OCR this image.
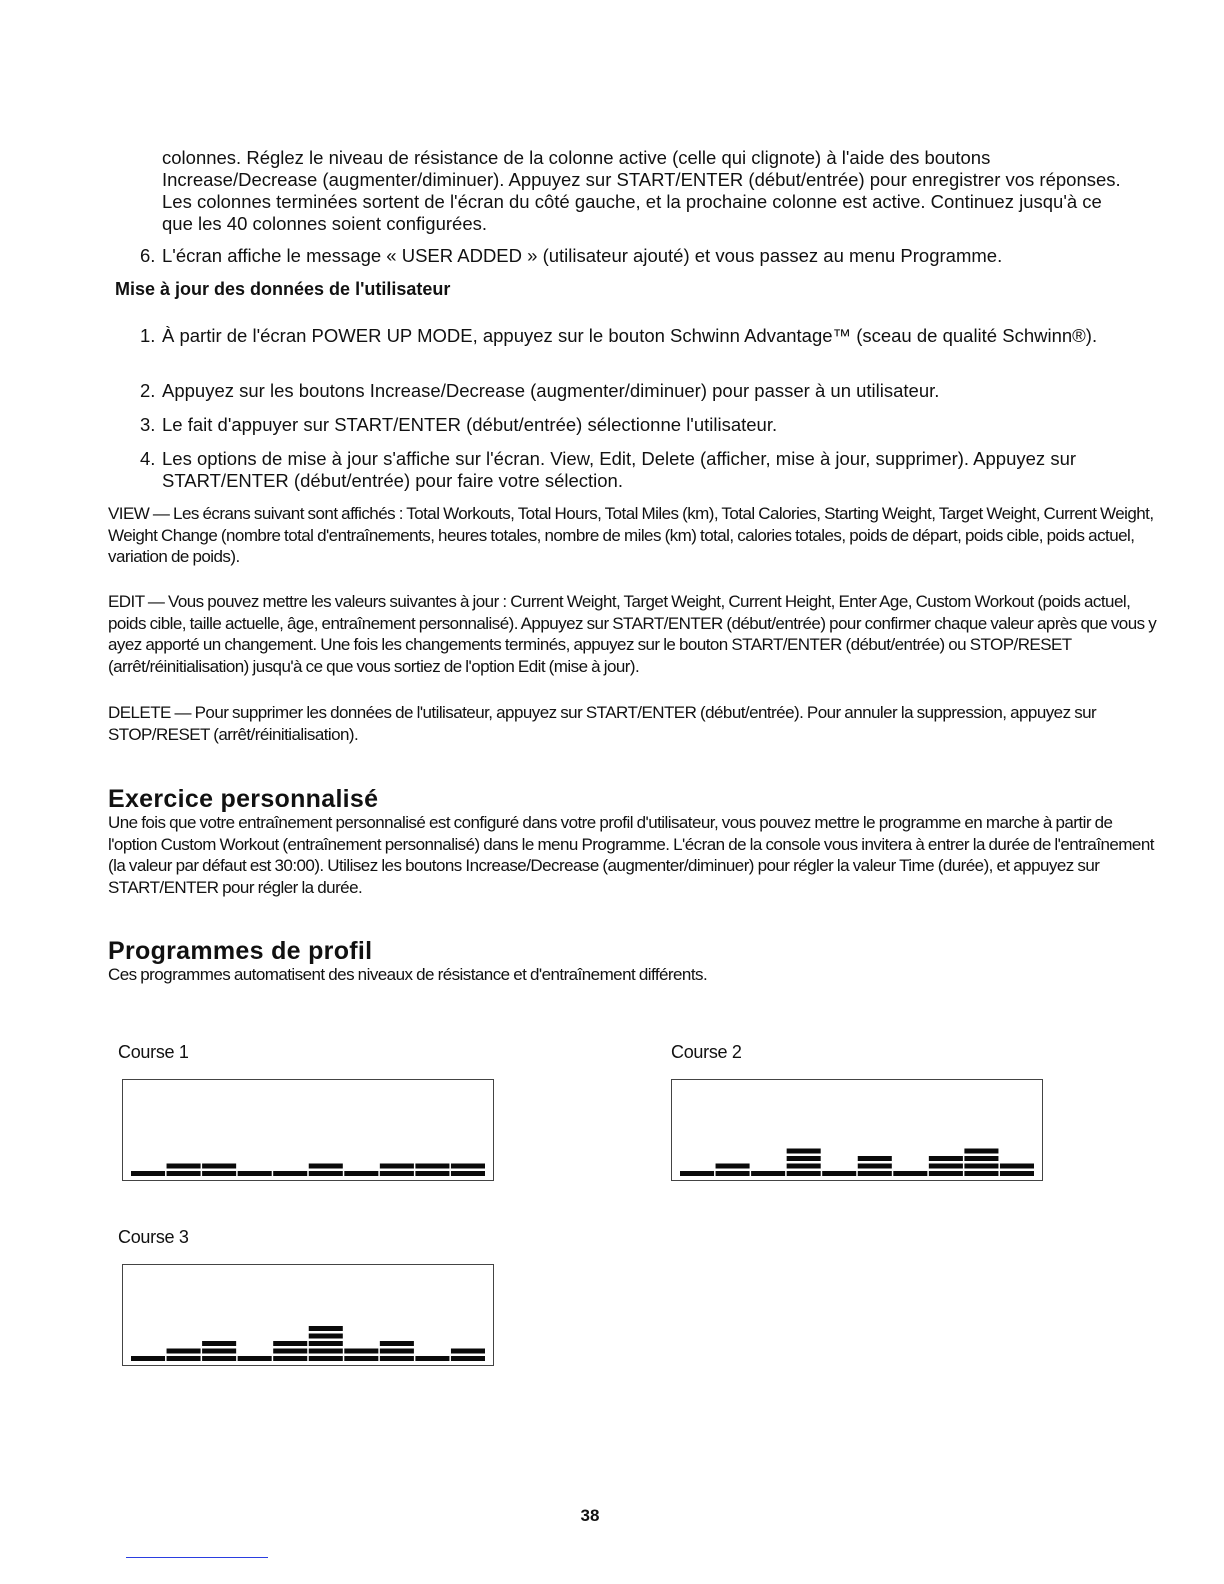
colonnes. Réglez le niveau de résistance de la colonne active (celle qui clignote) à l'aide des boutons Increase/Decrease (augmenter/diminuer). Appuyez sur START/ENTER (début/entrée) pour enregistrer vos réponses. Les colonnes terminées sortent de l'écran du côté gauche, et la prochaine colonne est active. Continuez jusqu'à ce que les 40 colonnes soient configurées.
6. L'écran affiche le message « USER ADDED » (utilisateur ajouté) et vous passez au menu Programme.
Mise à jour des données de l'utilisateur
1. À partir de l'écran POWER UP MODE, appuyez sur le bouton Schwinn Advantage™ (sceau de qualité Schwinn®).
2. Appuyez sur les boutons Increase/Decrease (augmenter/diminuer) pour passer à un utilisateur.
3. Le fait d'appuyer sur START/ENTER (début/entrée) sélectionne l'utilisateur.
4. Les options de mise à jour s'affiche sur l'écran. View, Edit, Delete (afficher, mise à jour, supprimer). Appuyez sur START/ENTER (début/entrée) pour faire votre sélection.
VIEW — Les écrans suivant sont affichés : Total Workouts, Total Hours, Total Miles (km), Total Calories, Starting Weight, Target Weight, Current Weight, Weight Change (nombre total d'entraînements, heures totales, nombre de miles (km) total, calories totales, poids de départ, poids cible, poids actuel, variation de poids).
EDIT — Vous pouvez mettre les valeurs suivantes à jour : Current Weight, Target Weight, Current Height, Enter Age, Custom Workout (poids actuel, poids cible, taille actuelle, âge, entraînement personnalisé). Appuyez sur START/ENTER (début/entrée) pour confirmer chaque valeur après que vous y ayez apporté un changement. Une fois les changements terminés, appuyez sur le bouton START/ENTER (début/entrée) ou STOP/RESET (arrêt/réinitialisation) jusqu'à ce que vous sortiez de l'option Edit (mise à jour).
DELETE — Pour supprimer les données de l'utilisateur, appuyez sur START/ENTER (début/entrée). Pour annuler la suppression, appuyez sur STOP/RESET (arrêt/réinitialisation).
Exercice personnalisé
Une fois que votre entraînement personnalisé est configuré dans votre profil d'utilisateur, vous pouvez mettre le programme en marche à partir de l'option Custom Workout (entraînement personnalisé) dans le menu Programme. L'écran de la console vous invitera à entrer la durée de l'entraînement (la valeur par défaut est 30:00). Utilisez les boutons Increase/Decrease (augmenter/diminuer) pour régler la valeur Time (durée), et appuyez sur START/ENTER pour régler la durée.
Programmes de profil
Ces programmes automatisent des niveaux de résistance et d'entraînement différents.
Course 1	Course 2
Course 3
38
